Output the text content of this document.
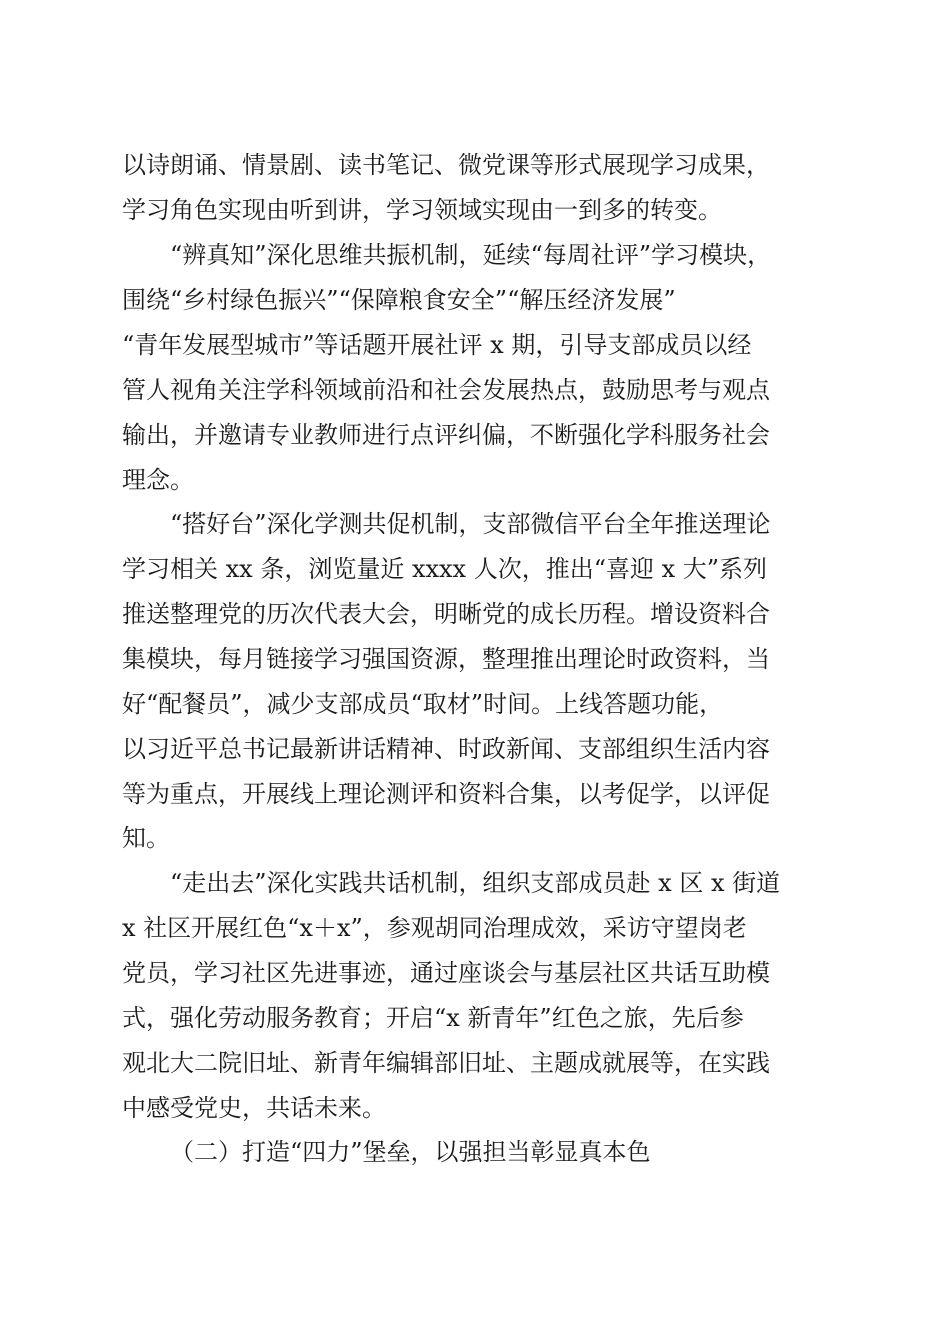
以诗朗诵、情景剧、读书笔记、微党课等形式展现学习成果，
学习角色实现由听到讲，学习领域实现由一到多的转变。
“辨真知”深化思维共振机制，延续“每周社评”学习模块，
围绕“乡村绿色振兴”“保障粮食安全”“解压经济发展”
“青年发展型城市”等话题开展社评 x 期，引导支部成员以经
管人视角关注学科领域前沿和社会发展热点，鼓励思考与观点
输出，并邀请专业教师进行点评纠偏，不断强化学科服务社会
理念。
“搭好台”深化学测共促机制，支部微信平台全年推送理论
学习相关 xx 条，浏览量近 xxxx 人次，推出“喜迎 x 大”系列
推送整理党的历次代表大会，明晰党的成长历程。增设资料合
集模块，每月链接学习强国资源，整理推出理论时政资料，当
好“配餐员”，减少支部成员“取材”时间。上线答题功能，
以习近平总书记最新讲话精神、时政新闻、支部组织生活内容
等为重点，开展线上理论测评和资料合集，以考促学，以评促
知。
“走出去”深化实践共话机制，组织支部成员赴 x 区 x 街道
x 社区开展红色“x＋x”，参观胡同治理成效，采访守望岗老
党员，学习社区先进事迹，通过座谈会与基层社区共话互助模
式，强化劳动服务教育；开启“x 新青年”红色之旅，先后参
观北大二院旧址、新青年编辑部旧址、主题成就展等，在实践
中感受党史，共话未来。
（二）打造“四力”堡垒，以强担当彰显真本色
